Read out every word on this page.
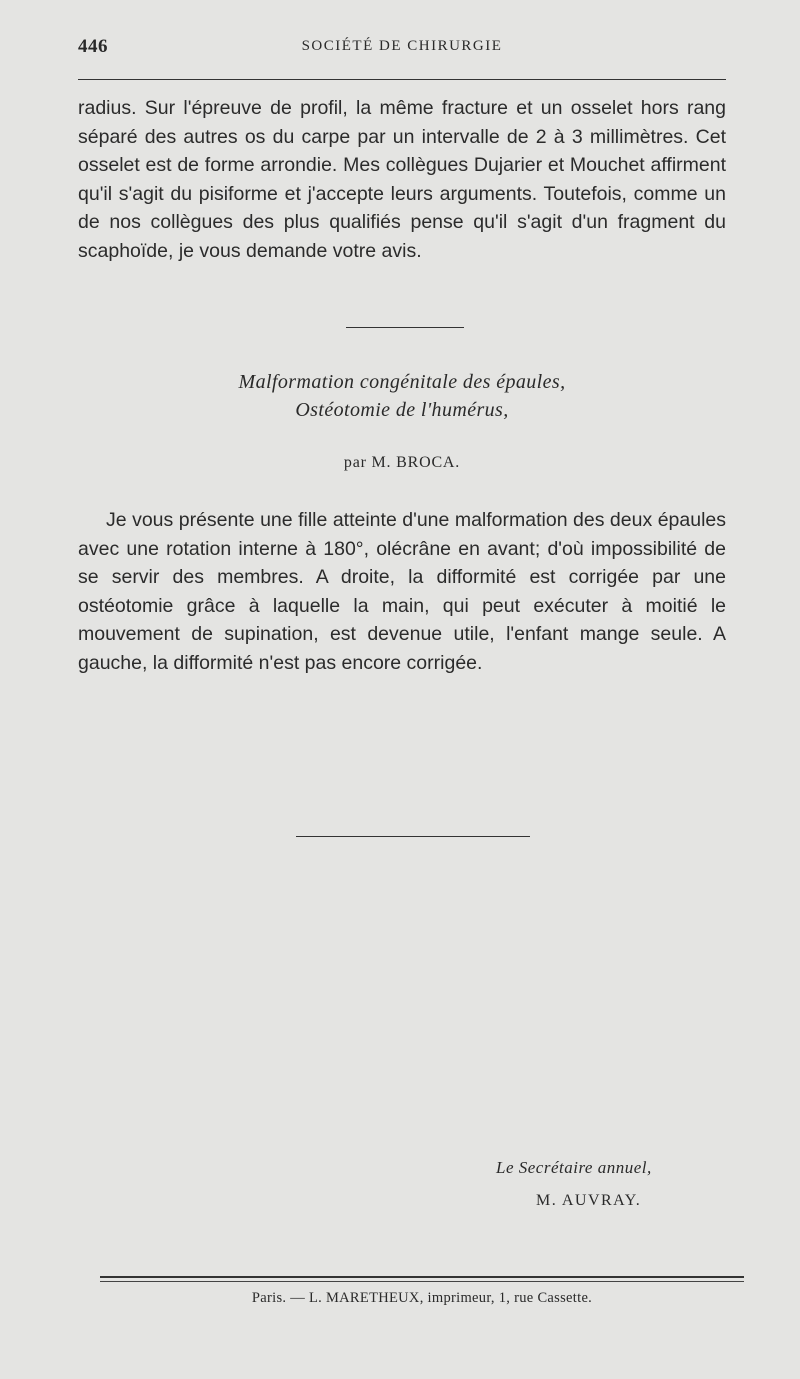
446	SOCIÉTÉ DE CHIRURGIE

radius. Sur l'épreuve de profil, la même fracture et un osselet hors rang séparé des autres os du carpe par un intervalle de 2 à 3 millimètres. Cet osselet est de forme arrondie. Mes collègues Dujarier et Mouchet affirment qu'il s'agit du pisiforme et j'accepte leurs arguments. Toutefois, comme un de nos collègues des plus qualifiés pense qu'il s'agit d'un fragment du scaphoïde, je vous demande votre avis.

Malformation congénitale des épaules,
Ostéotomie de l'humérus,
par M. BROCA.

Je vous présente une fille atteinte d'une malformation des deux épaules avec une rotation interne à 180°, olécrâne en avant; d'où impossibilité de se servir des membres. A droite, la difformité est corrigée par une ostéotomie grâce à laquelle la main, qui peut exécuter à moitié le mouvement de supination, est devenue utile, l'enfant mange seule. A gauche, la difformité n'est pas encore corrigée.

Le Secrétaire annuel,
M. AUVRAY.
Paris. — L. MARETHEUX, imprimeur, 1, rue Cassette.
